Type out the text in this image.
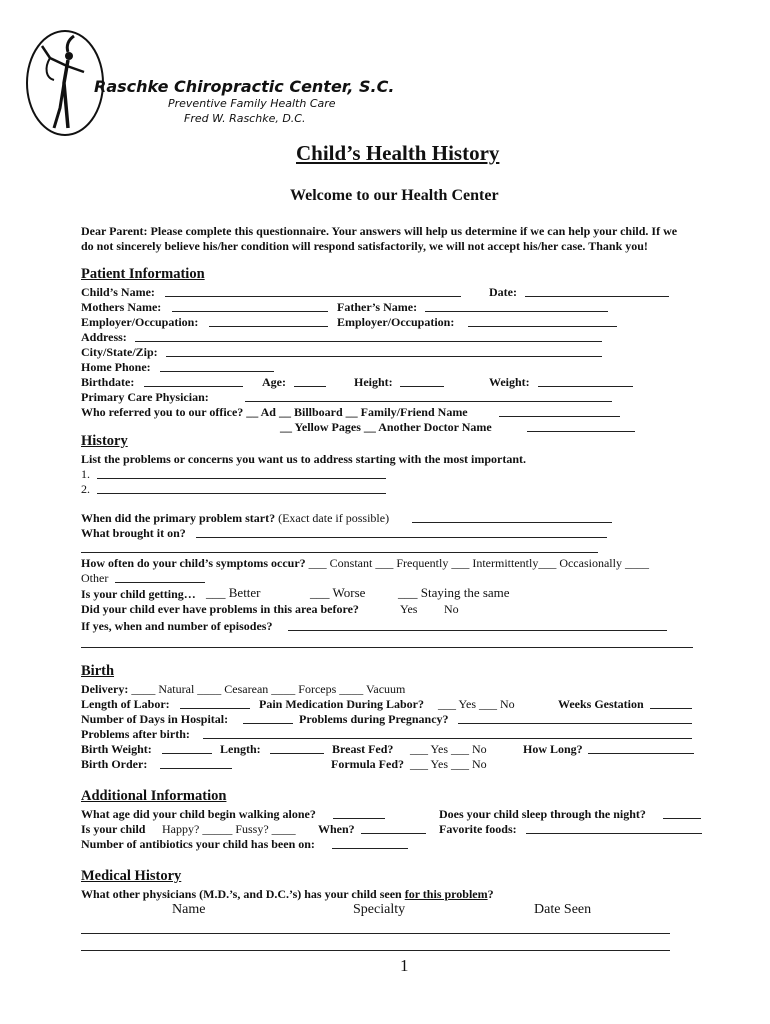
Raschke Chiropractic Center, S.C.
Preventive Family Health Care
Fred W. Raschke, D.C.
Child’s Health History
Welcome to our Health Center
Dear Parent: Please complete this questionnaire. Your answers will help us determine if we can help your child. If we
do not sincerely believe his/her condition will respond satisfactorily, we will not accept his/her case. Thank you!
Patient Information
Child’s Name:	Date:
Mothers Name:	Father’s Name:
Employer/Occupation:	Employer/Occupation:
Address:
City/State/Zip:
Home Phone:
Birthdate:	Age:	Height:	Weight:
Primary Care Physician:
Who referred you to our office? __ Ad __ Billboard __ Family/Friend Name
__ Yellow Pages __ Another Doctor Name
History
List the problems or concerns you want us to address starting with the most important.
1.
2.
When did the primary problem start? (Exact date if possible)
What brought it on?
How often do your child’s symptoms occur? ___ Constant ___ Frequently ___ Intermittently___ Occasionally ____
Other
Is your child getting… ___ Better	___ Worse	___ Staying the same
Did your child ever have problems in this area before?	Yes No
If yes, when and number of episodes?
Birth
Delivery: ____ Natural ____ Cesarean ____ Forceps ____ Vacuum
Length of Labor:	Pain Medication During Labor? ___ Yes ___ No	Weeks Gestation
Number of Days in Hospital:	Problems during Pregnancy?
Problems after birth:
Birth Weight:	Length:	Breast Fed? ___ Yes ___ No	How Long?
Birth Order:	Formula Fed? ___ Yes ___ No
Additional Information
What age did your child begin walking alone?	Does your child sleep through the night?
Is your child Happy? _____ Fussy? ____ When?	Favorite foods:
Number of antibiotics your child has been on:
Medical History
What other physicians (M.D.’s, and D.C.’s) has your child seen for this problem?
Name	Specialty	Date Seen
1
